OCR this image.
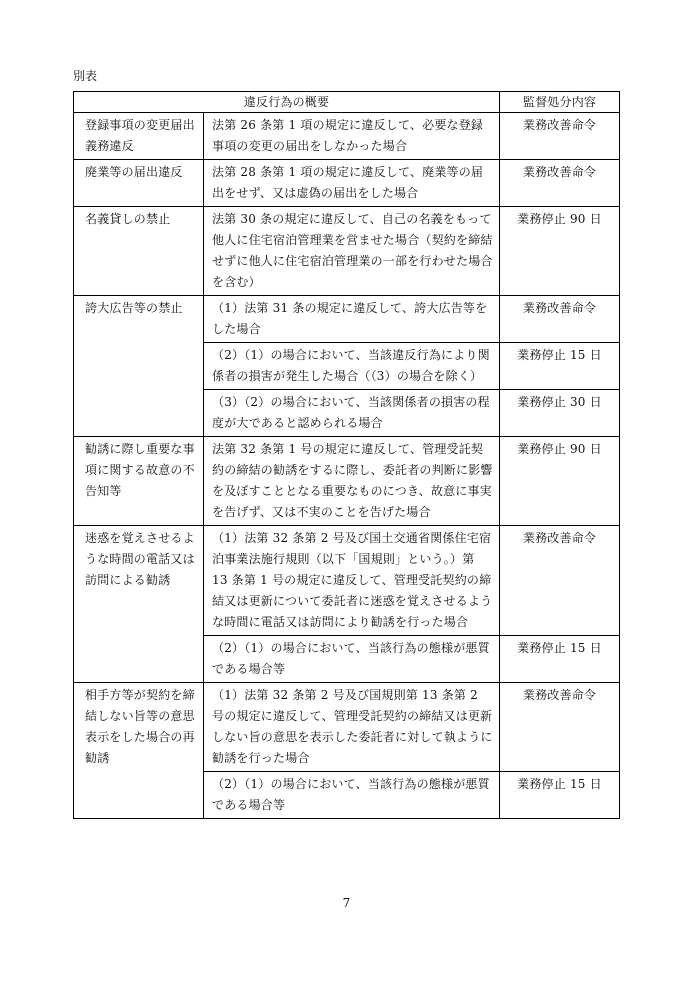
別表
違反行為の概要		監督処分内容
登録事項の変更届出義務違反	法第 26 条第 1 項の規定に違反して、必要な登録事項の変更の届出をしなかった場合	業務改善命令
廃業等の届出違反	法第 28 条第 1 項の規定に違反して、廃業等の届出をせず、又は虚偽の届出をした場合	業務改善命令
名義貸しの禁止	法第 30 条の規定に違反して、自己の名義をもって他人に住宅宿泊管理業を営ませた場合（契約を締結せずに他人に住宅宿泊管理業の一部を行わせた場合を含む）	業務停止 90 日
誇大広告等の禁止	（1）法第 31 条の規定に違反して、誇大広告等をした場合	業務改善命令
	（2）（1）の場合において、当該違反行為により関係者の損害が発生した場合（（3）の場合を除く）	業務停止 15 日
	（3）（2）の場合において、当該関係者の損害の程度が大であると認められる場合	業務停止 30 日
勧誘に際し重要な事項に関する故意の不告知等	法第 32 条第 1 号の規定に違反して、管理受託契約の締結の勧誘をするに際し、委託者の判断に影響を及ぼすこととなる重要なものにつき、故意に事実を告げず、又は不実のことを告げた場合	業務停止 90 日
迷惑を覚えさせるような時間の電話又は訪問による勧誘	（1）法第 32 条第 2 号及び国土交通省関係住宅宿泊事業法施行規則（以下「国規則」という。）第 13 条第 1 号の規定に違反して、管理受託契約の締結又は更新について委託者に迷惑を覚えさせるような時間に電話又は訪問により勧誘を行った場合	業務改善命令
	（2）（1）の場合において、当該行為の態様が悪質である場合等	業務停止 15 日
相手方等が契約を締結しない旨等の意思表示をした場合の再勧誘	（1）法第 32 条第 2 号及び国規則第 13 条第 2 号の規定に違反して、管理受託契約の締結又は更新しない旨の意思を表示した委託者に対して執ように勧誘を行った場合	業務改善命令
	（2）（1）の場合において、当該行為の態様が悪質である場合等	業務停止 15 日
7
